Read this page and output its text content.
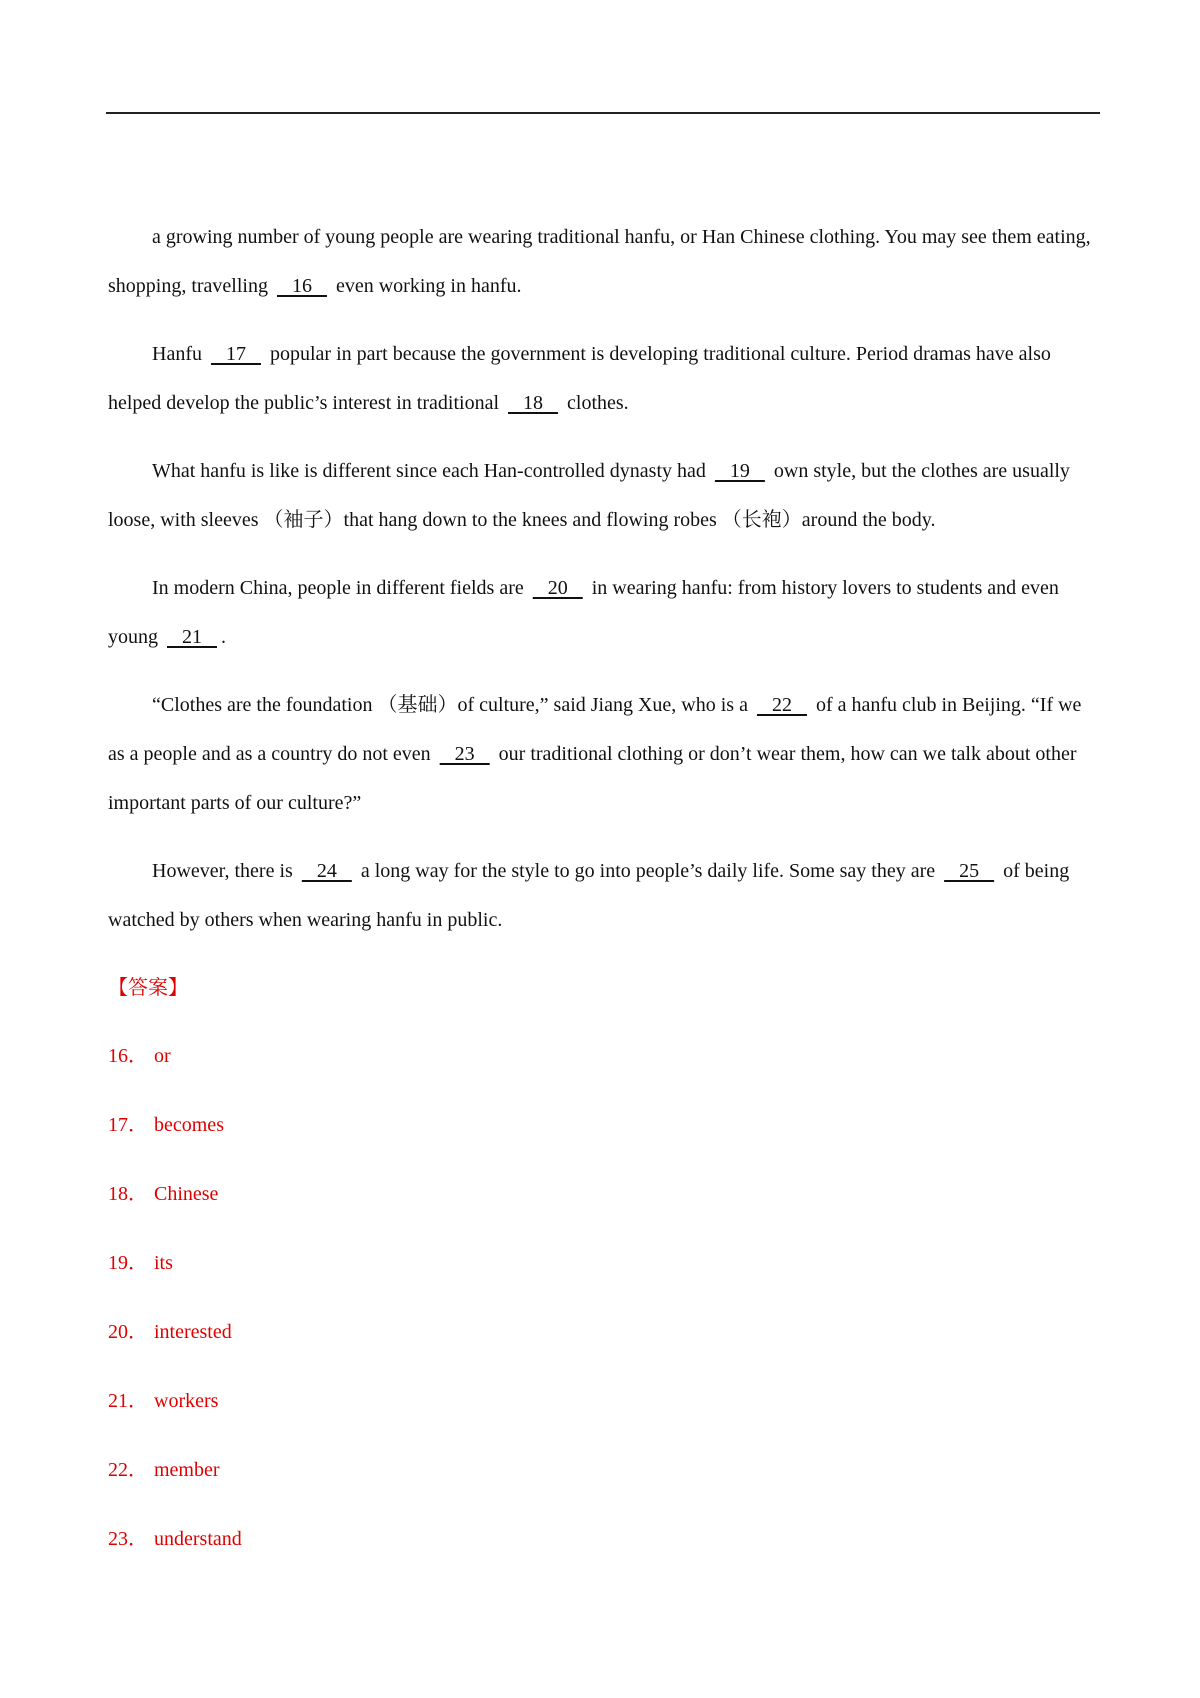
a growing number of young people are wearing traditional hanfu, or Han Chinese clothing. You may see them eating, shopping, travelling    16    even working in hanfu.

Hanfu    17    popular in part because the government is developing traditional culture. Period dramas have also helped develop the public’s interest in traditional    18    clothes.

What hanfu is like is different since each Han-controlled dynasty had    19    own style, but the clothes are usually loose, with sleeves （袖子）that hang down to the knees and flowing robes （长袍）around the body.

In modern China, people in different fields are    20    in wearing hanfu: from history lovers to students and even young    21   .

“Clothes are the foundation （基础）of culture,” said Jiang Xue, who is a    22    of a hanfu club in Beijing. “If we as a people and as a country do not even    23    our traditional clothing or don’t wear them, how can we talk about other important parts of our culture?”

However, there is    24    a long way for the style to go into people’s daily life. Some say they are    25    of being watched by others when wearing hanfu in public.

【答案】
16． or
17． becomes
18． Chinese
19． its
20． interested
21． workers
22． member
23． understand
